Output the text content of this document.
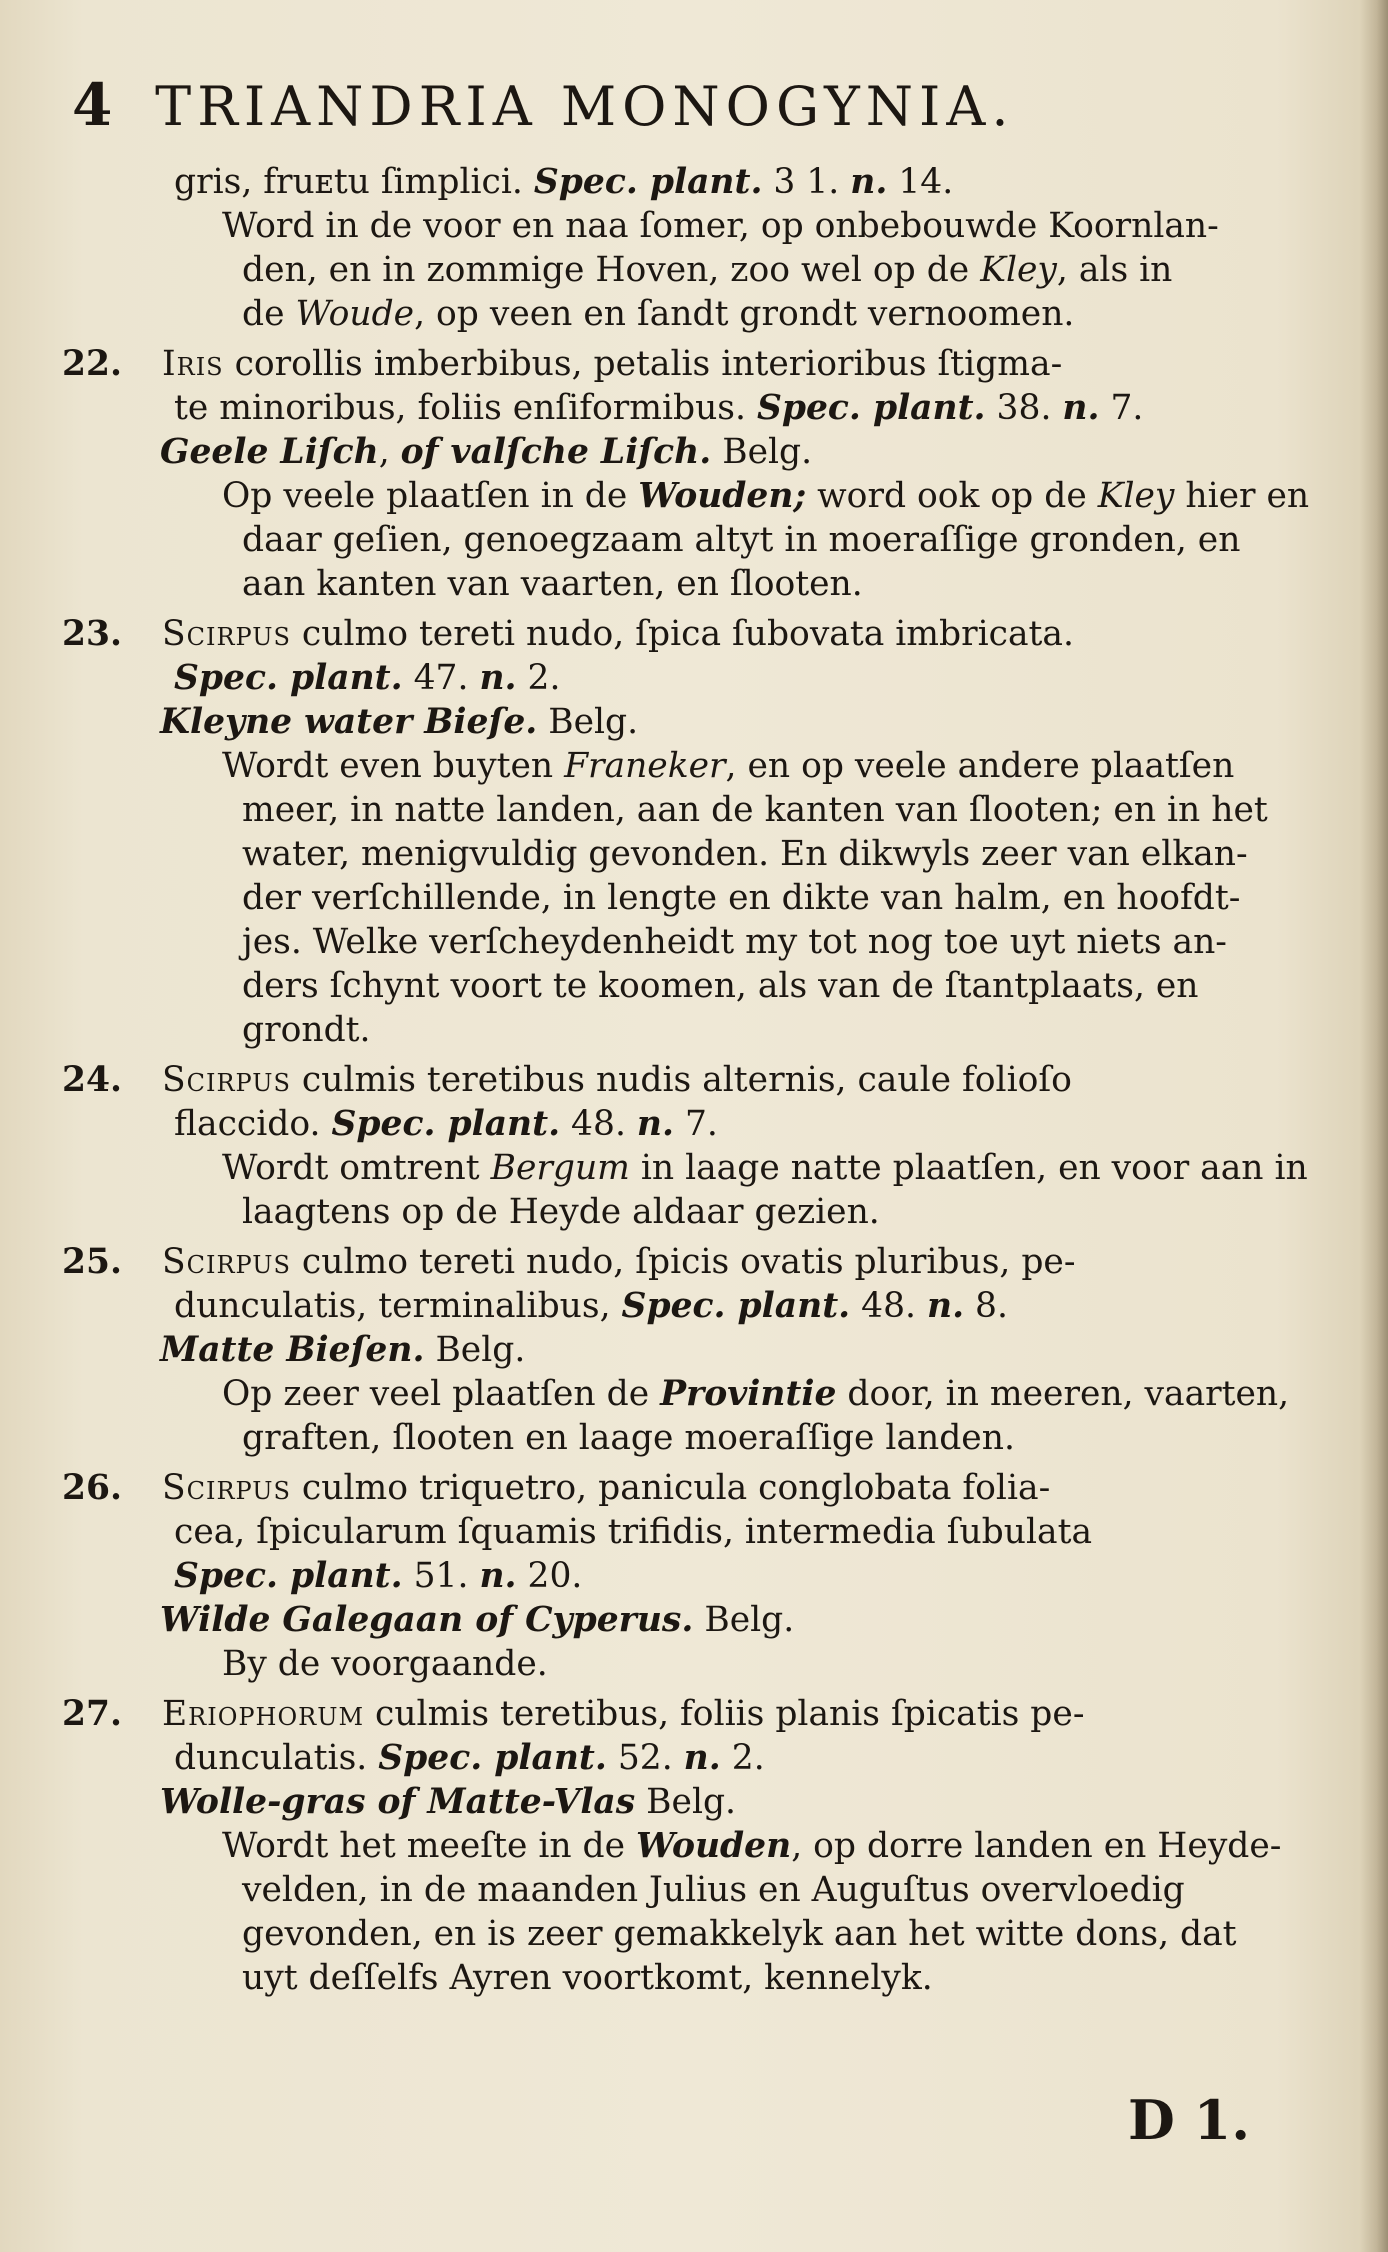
4 TRIANDRIA MONOGYNIA.
gris, fruᴇtu ſimplici. Spec. plant. 3 1. n. 14.
Word in de voor en naa ſomer, op onbebouwde Koornlan-
den, en in zommige Hoven, zoo wel op de Kley, als in
de Woude, op veen en ſandt grondt vernoomen.
22. Iris corollis imberbibus, petalis interioribus ſtigma-
te minoribus, foliis enſiformibus. Spec. plant. 38. n. 7.
Geele Liſch, of valſche Liſch. Belg.
Op veele plaatſen in de Wouden; word ook op de Kley hier en
daar geſien, genoegzaam altyt in moeraſſige gronden, en
aan kanten van vaarten, en ſlooten.
23. Scirpus culmo tereti nudo, ſpica ſubovata imbricata.
Spec. plant. 47. n. 2.
Kleyne water Bieſe. Belg.
Wordt even buyten Franeker, en op veele andere plaatſen
meer, in natte landen, aan de kanten van ſlooten; en in het
water, menigvuldig gevonden. En dikwyls zeer van elkan-
der verſchillende, in lengte en dikte van halm, en hoofdt-
jes. Welke verſcheydenheidt my tot nog toe uyt niets an-
ders ſchynt voort te koomen, als van de ſtantplaats, en
grondt.
24. Scirpus culmis teretibus nudis alternis, caule folioſo
flaccido. Spec. plant. 48. n. 7.
Wordt omtrent Bergum in laage natte plaatſen, en voor aan in
laagtens op de Heyde aldaar gezien.
25. Scirpus culmo tereti nudo, ſpicis ovatis pluribus, pe-
dunculatis, terminalibus, Spec. plant. 48. n. 8.
Matte Bieſen. Belg.
Op zeer veel plaatſen de Provintie door, in meeren, vaarten,
graften, ſlooten en laage moeraſſige landen.
26. Scirpus culmo triquetro, panicula conglobata folia-
cea, ſpicularum ſquamis trifidis, intermedia ſubulata
Spec. plant. 51. n. 20.
Wilde Galegaan of Cyperus. Belg.
By de voorgaande.
27. Eriophorum culmis teretibus, foliis planis ſpicatis pe-
dunculatis. Spec. plant. 52. n. 2.
Wolle-gras of Matte-Vlas Belg.
Wordt het meeſte in de Wouden, op dorre landen en Heyde-
velden, in de maanden Julius en Auguſtus overvloedig
gevonden, en is zeer gemakkelyk aan het witte dons, dat
uyt deſſelfs Ayren voortkomt, kennelyk.
D 1.
